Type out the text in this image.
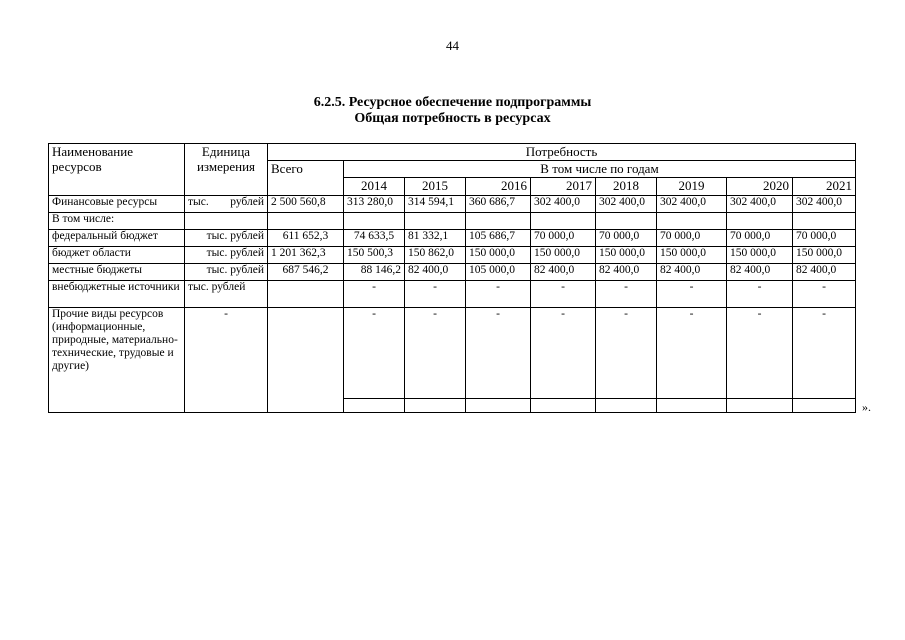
44
6.2.5. Ресурсное обеспечение подпрограммы
Общая потребность в ресурсах
Наименование ресурсов	Единица измерения	Потребность								
		Всего	В том числе по годам							
			2014	2015	2016	2017	2018	2019	2020	2021
Финансовые ресурсы	тыс. рублей	2 500 560,8	313 280,0	314 594,1	360 686,7	302 400,0	302 400,0	302 400,0	302 400,0	302 400,0
В том числе:										
федеральный бюджет	тыс. рублей	611 652,3	74 633,5	81 332,1	105 686,7	70 000,0	70 000,0	70 000,0	70 000,0	70 000,0
бюджет области	тыс. рублей	1 201 362,3	150 500,3	150 862,0	150 000,0	150 000,0	150 000,0	150 000,0	150 000,0	150 000,0
местные бюджеты	тыс. рублей	687 546,2	88 146,2	82 400,0	105 000,0	82 400,0	82 400,0	82 400,0	82 400,0	82 400,0
внебюджетные источники	тыс. рублей		-	-	-	-	-	-	-	-
Прочие виды ресурсов (информационные, природные, материально-технические, трудовые и другие)	-		-	-	-	-	-	-	-	-

».
